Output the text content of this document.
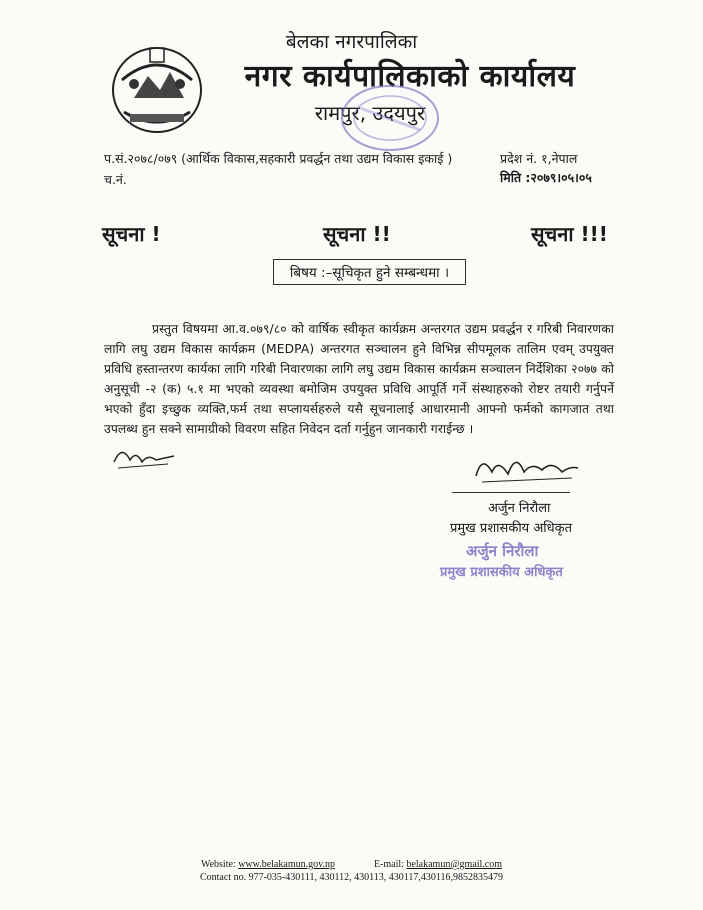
बेलका नगरपालिका
नगर कार्यपालिकाको कार्यालय
रामपुर, उदयपुर
प.सं.२०७८/०७९ (आर्थिक विकास,सहकारी प्रवर्द्धन तथा उद्यम विकास इकाई )
च.नं.
प्रदेश नं. १,नेपाल
मिति :२०७९।०५।०५
सूचना !	सूचना !!	सूचना !!!
बिषय :–सूचिकृत हुने सम्बन्धमा ।
प्रस्तुत विषयमा आ.व.०७९/८० को वार्षिक स्वीकृत कार्यक्रम अन्तरगत उद्यम प्रवर्द्धन र गरिबी निवारणका लागि लघु उद्यम विकास कार्यक्रम (MEDPA) अन्तरगत सञ्चालन हुने विभिन्न सीपमूलक तालिम एवम् उपयुक्त प्रविधि हस्तान्तरण कार्यका लागि गरिबी निवारणका लागि लघु उद्यम विकास कार्यक्रम सञ्चालन निर्देशिका २०७७ को अनुसूची -२ (क) ५.१ मा भएको व्यवस्था बमोजिम उपयुक्त प्रविधि आपूर्ति गर्ने संस्थाहरुको रोष्टर तयारी गर्नुपर्ने भएको हुँदा इच्छुक व्यक्ति,फर्म तथा सप्लायर्सहरुले यसै सूचनालाई आधारमानी आफ्नो फर्मको कागजात तथा उपलब्ध हुन सक्ने सामाग्रीको विवरण सहित निवेदन दर्ता गर्नुहुन जानकारी गराईन्छ ।
अर्जुन निरौला
प्रमुख प्रशासकीय अधिकृत
अर्जुन निरौला
प्रमुख प्रशासकीय अधिकृत
Website: www.belakamun.gov.np	E-mail: belakamun@gmail.com
Contact no. 977-035-430111, 430112, 430113, 430117,430116,9852835479
